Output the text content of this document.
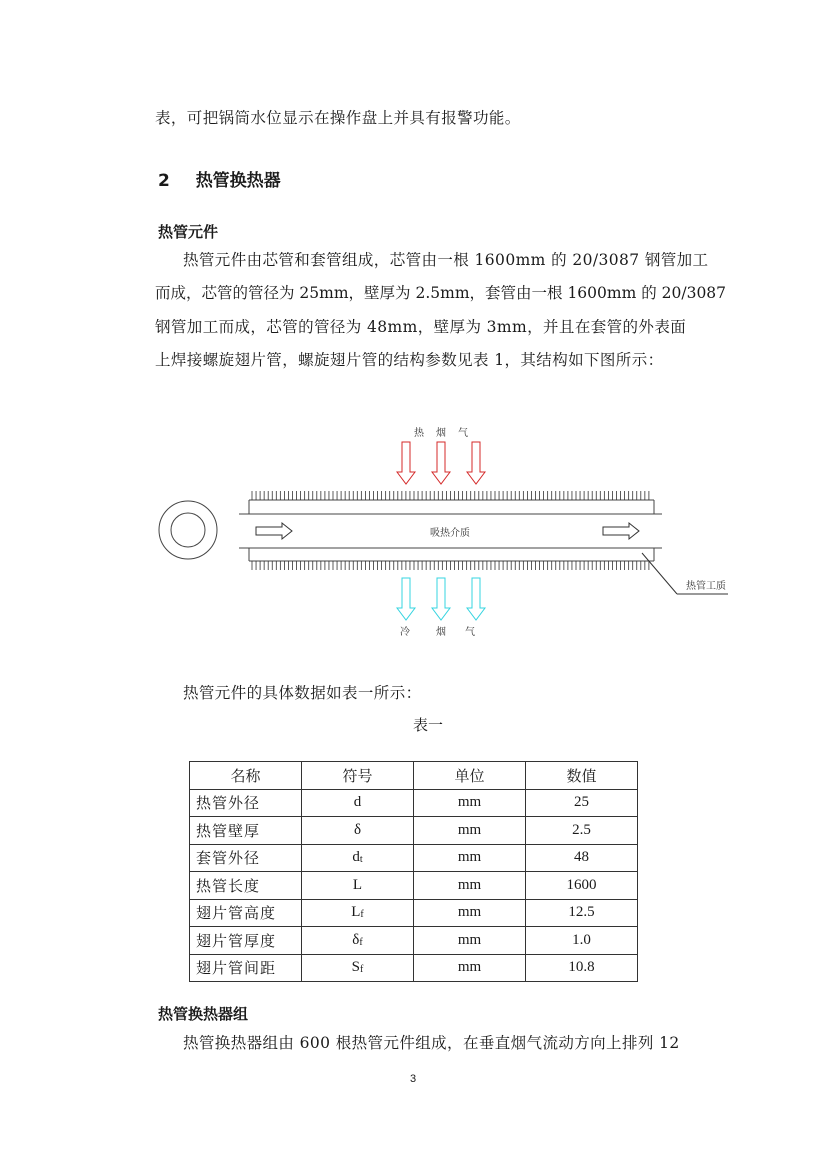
表，可把锅筒水位显示在操作盘上并具有报警功能。
2 热管换热器
热管元件
热管元件由芯管和套管组成，芯管由一根 1600mm 的 20/3087 钢管加工
而成，芯管的管径为 25mm，壁厚为 2.5mm，套管由一根 1600mm 的 20/3087
钢管加工而成，芯管的管径为 48mm，壁厚为 3mm，并且在套管的外表面
上焊接螺旋翅片管，螺旋翅片管的结构参数见表 1，其结构如下图所示：
吸热介质
热 烟 气
冷	烟 气
热管工质
热管元件的具体数据如表一所示：
表一
名称	符号	单位	数值
热管外径	d	mm	25
热管壁厚	δ	mm	2.5
套管外径	$d_t$	mm	48
热管长度	L	mm	1600
翅片管高度	$L_f$	mm	12.5
翅片管厚度	$\delta_f$	mm	1.0
翅片管间距	$S_f$	mm	10.8
热管换热器组
热管换热器组由 600 根热管元件组成，在垂直烟气流动方向上排列 12
3
